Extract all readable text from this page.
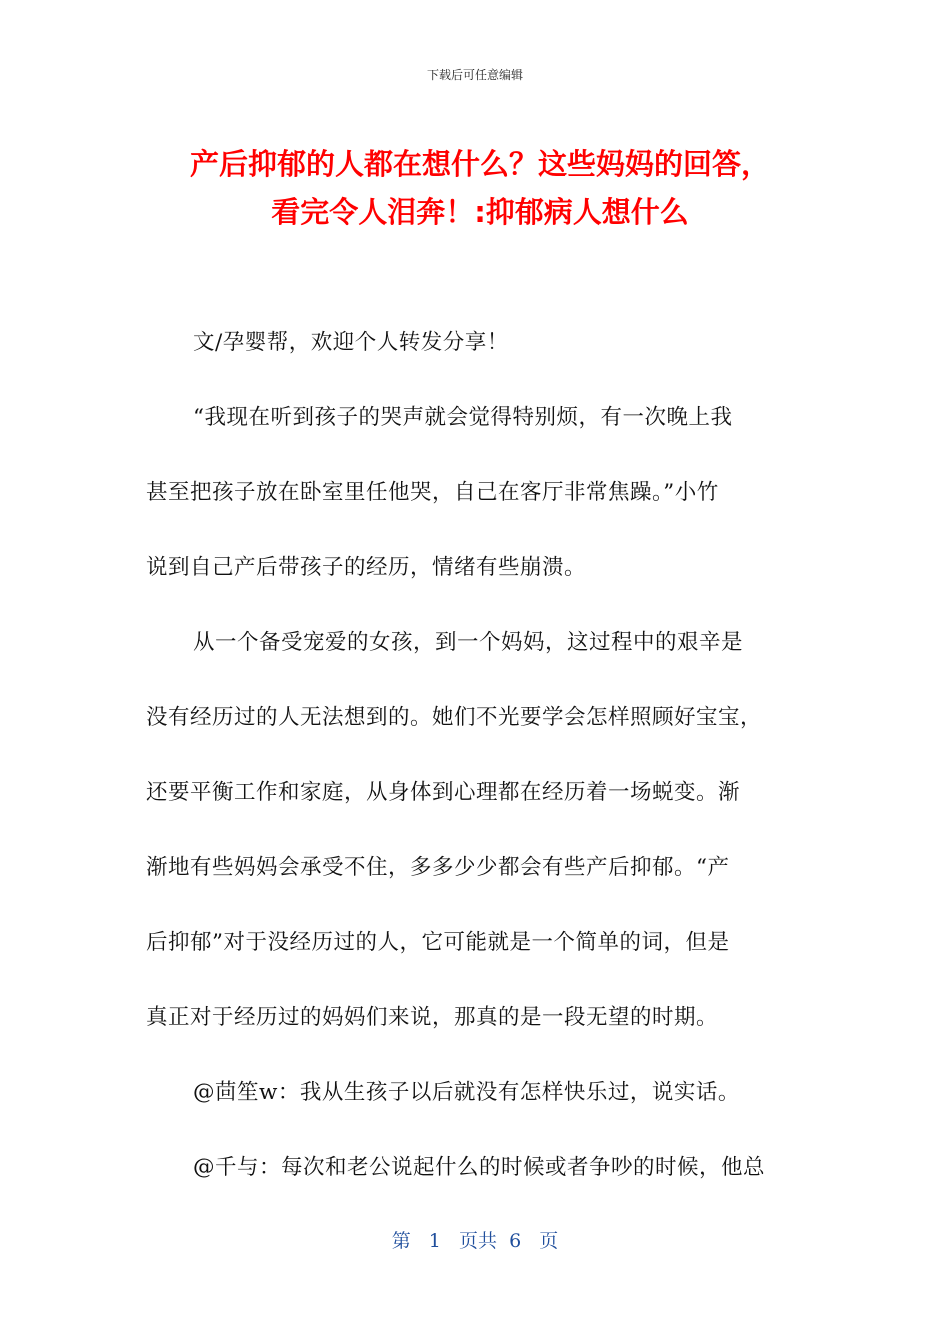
下载后可任意编辑
产后抑郁的人都在想什么？这些妈妈的回答，
看完令人泪奔！:抑郁病人想什么
文/孕婴帮，欢迎个人转发分享！
“我现在听到孩子的哭声就会觉得特别烦，有一次晚上我
甚至把孩子放在卧室里任他哭，自己在客厅非常焦躁。”小竹
说到自己产后带孩子的经历，情绪有些崩溃。
从一个备受宠爱的女孩，到一个妈妈，这过程中的艰辛是
没有经历过的人无法想到的。她们不光要学会怎样照顾好宝宝，
还要平衡工作和家庭，从身体到心理都在经历着一场蜕变。渐
渐地有些妈妈会承受不住，多多少少都会有些产后抑郁。“产
后抑郁”对于没经历过的人，它可能就是一个简单的词，但是
真正对于经历过的妈妈们来说，那真的是一段无望的时期。
@茴笙w：我从生孩子以后就没有怎样快乐过，说实话。
@千与：每次和老公说起什么的时候或者争吵的时候，他总
第   1   页共  6   页
